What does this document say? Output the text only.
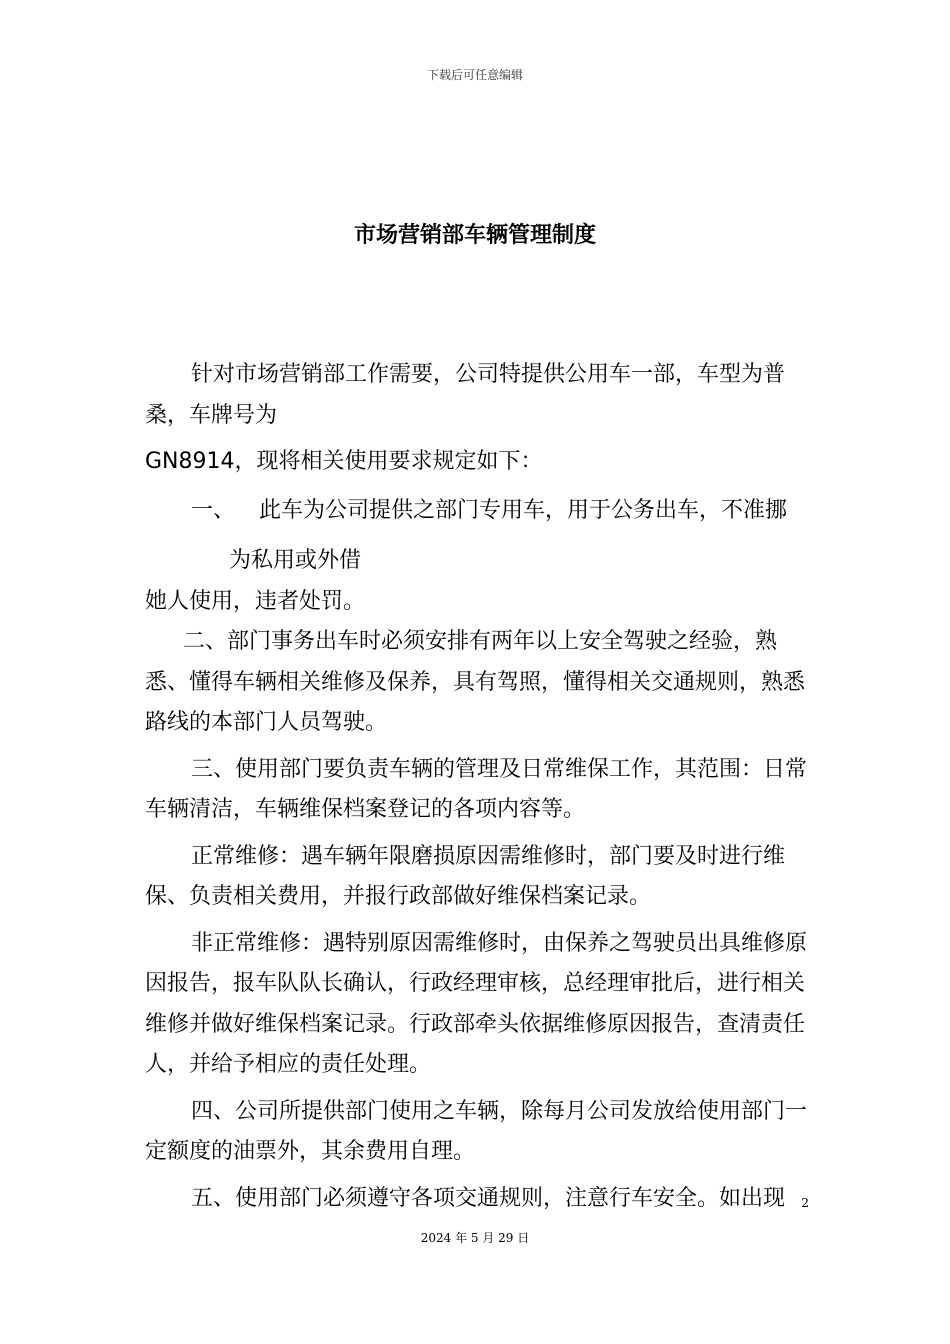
下载后可任意编辑
市场营销部车辆管理制度

针对市场营销部工作需要，公司特提供公用车一部，车型为普桑，车牌号为

GN8914，现将相关使用要求规定如下：

一、 此车为公司提供之部门专用车，用于公务出车，不准挪

为私用或外借

她人使用，违者处罚。

二、部门事务出车时必须安排有两年以上安全驾驶之经验，熟悉、懂得车辆相关维修及保养，具有驾照，懂得相关交通规则，熟悉路线的本部门人员驾驶。

三、使用部门要负责车辆的管理及日常维保工作，其范围：日常车辆清洁，车辆维保档案登记的各项内容等。

正常维修：遇车辆年限磨损原因需维修时，部门要及时进行维保、负责相关费用，并报行政部做好维保档案记录。

非正常维修：遇特别原因需维修时，由保养之驾驶员出具维修原因报告，报车队队长确认，行政经理审核，总经理审批后，进行相关维修并做好维保档案记录。行政部牵头依据维修原因报告，查清责任人，并给予相应的责任处理。

四、公司所提供部门使用之车辆，除每月公司发放给使用部门一定额度的油票外，其余费用自理。

五、使用部门必须遵守各项交通规则，注意行车安全。如出现	2
2024 年 5 月 29 日
